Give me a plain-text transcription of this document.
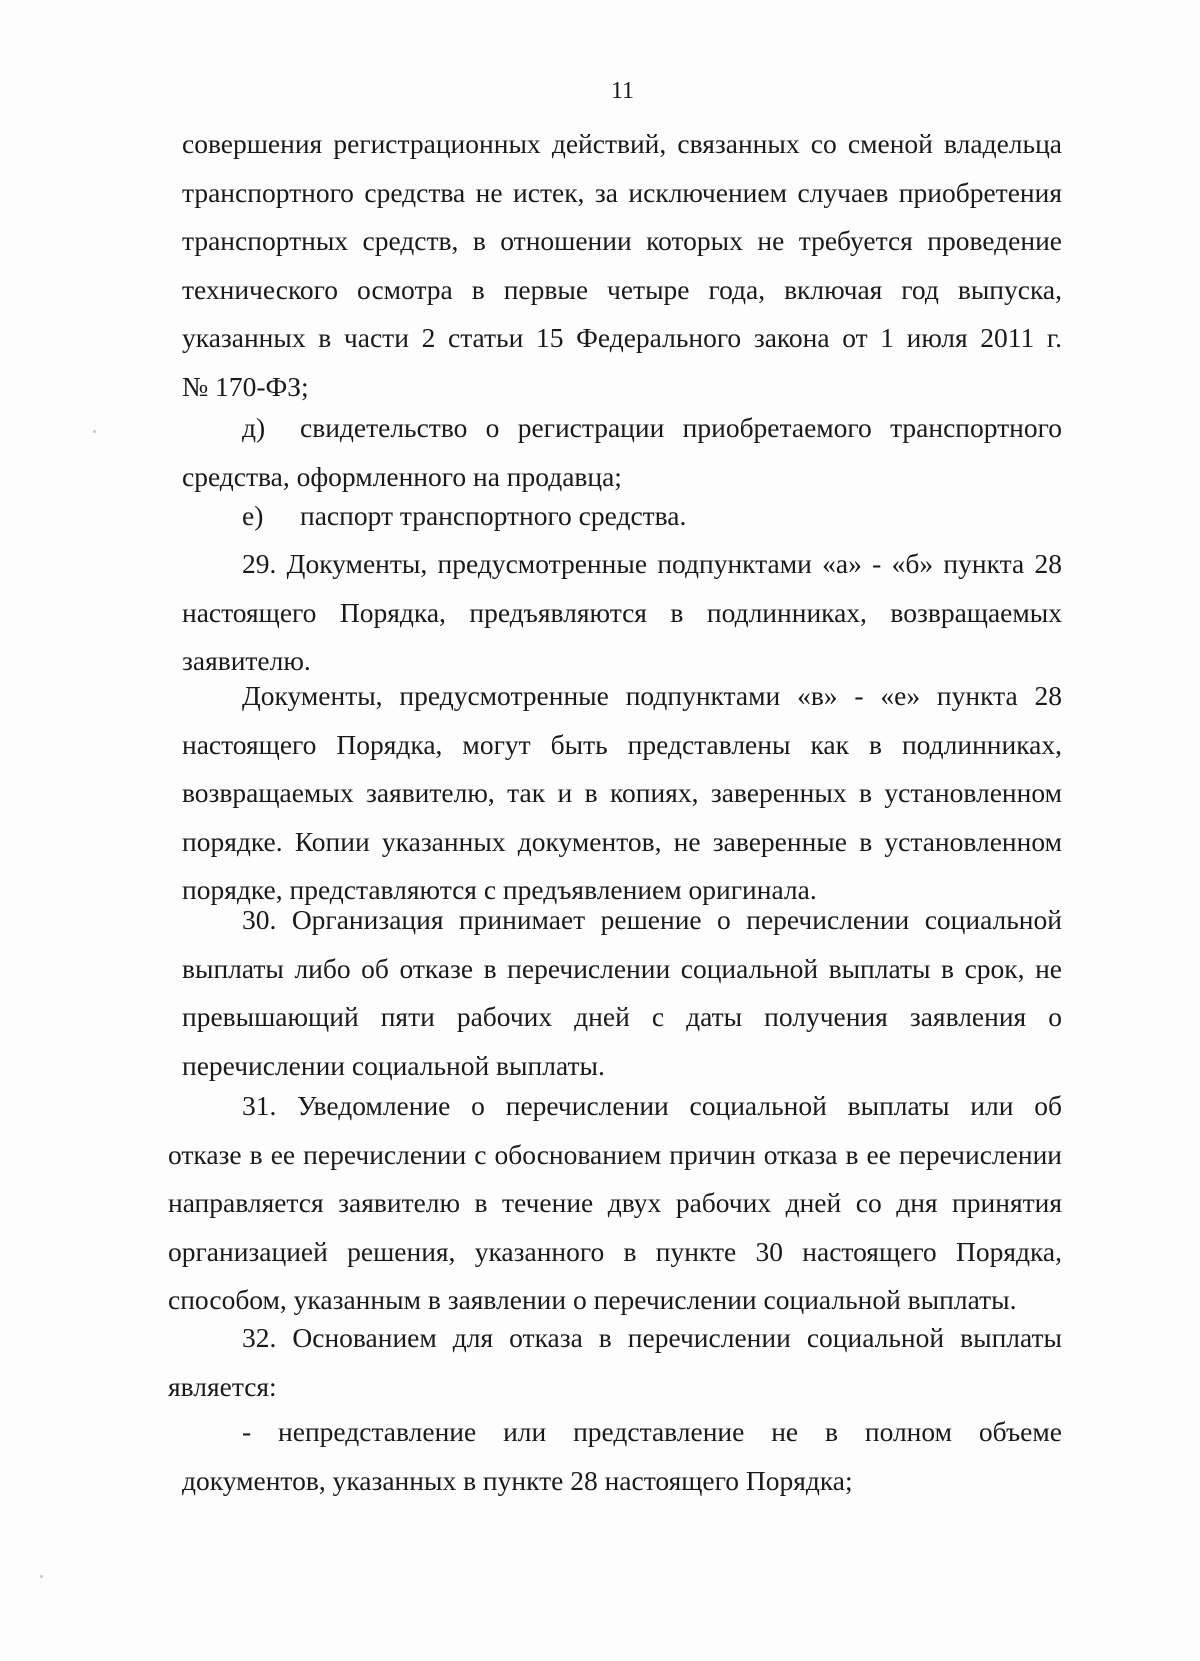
11
совершения регистрационных действий, связанных со сменой владельца
транспортного средства не истек, за исключением случаев приобретения
транспортных средств, в отношении которых не требуется проведение
технического осмотра в первые четыре года, включая год выпуска,
указанных в части 2 статьи 15 Федерального закона от 1 июля 2011 г.
№ 170-ФЗ;
д) свидетельство о регистрации приобретаемого транспортного
средства, оформленного на продавца;
е) паспорт транспортного средства.
29. Документы, предусмотренные подпунктами «а» - «б» пункта 28
настоящего Порядка, предъявляются в подлинниках, возвращаемых
заявителю.
Документы, предусмотренные подпунктами «в» - «е» пункта 28
настоящего Порядка, могут быть представлены как в подлинниках,
возвращаемых заявителю, так и в копиях, заверенных в установленном
порядке. Копии указанных документов, не заверенные в установленном
порядке, представляются с предъявлением оригинала.
30. Организация принимает решение о перечислении социальной
выплаты либо об отказе в перечислении социальной выплаты в срок, не
превышающий пяти рабочих дней с даты получения заявления о
перечислении социальной выплаты.
31. Уведомление о перечислении социальной выплаты или об
отказе в ее перечислении с обоснованием причин отказа в ее перечислении
направляется заявителю в течение двух рабочих дней со дня принятия
организацией решения, указанного в пункте 30 настоящего Порядка,
способом, указанным в заявлении о перечислении социальной выплаты.
32. Основанием для отказа в перечислении социальной выплаты
является:
- непредставление или представление не в полном объеме
документов, указанных в пункте 28 настоящего Порядка;
